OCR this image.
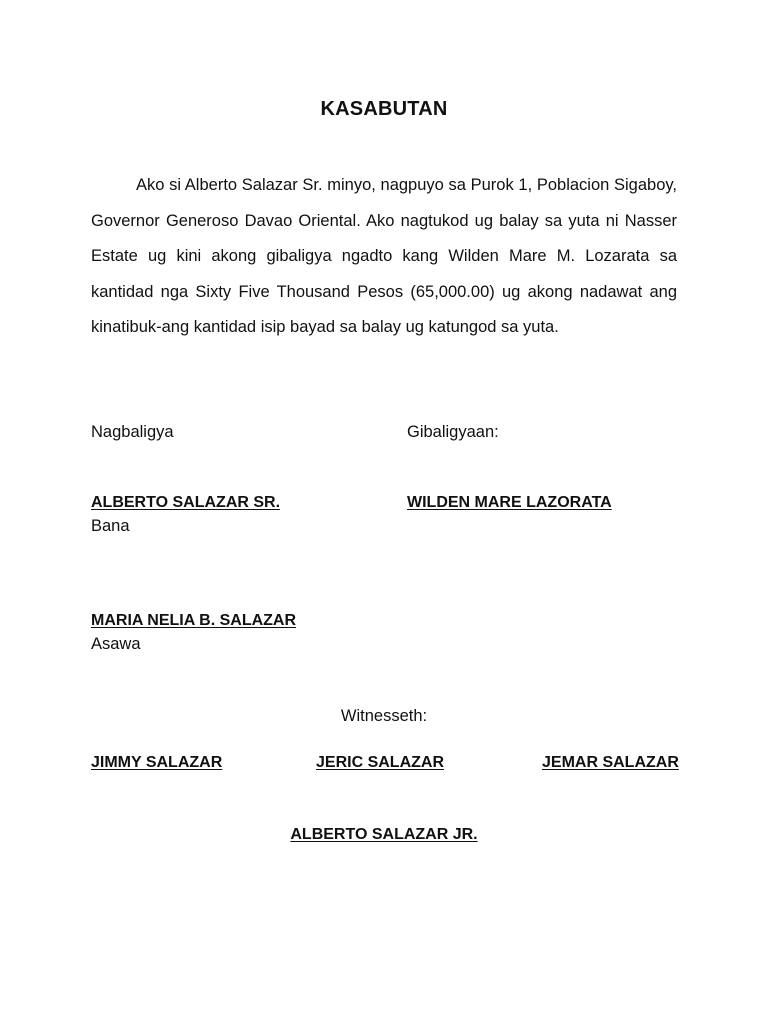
KASABUTAN

Ako si Alberto Salazar Sr. minyo, nagpuyo sa Purok 1, Poblacion Sigaboy, Governor Generoso Davao Oriental. Ako nagtukod ug balay sa yuta ni Nasser Estate ug kini akong gibaligya ngadto kang Wilden Mare M. Lozarata sa kantidad nga Sixty Five Thousand Pesos (65,000.00) ug akong nadawat ang kinatibuk-ang kantidad isip bayad sa balay ug katungod sa yuta.

Nagbaligya	Gibaligyaan:
ALBERTO SALAZAR SR.	WILDEN MARE LAZORATA
Bana
MARIA NELIA B. SALAZAR
Asawa
Witnesseth:
JIMMY SALAZAR	JERIC SALAZAR	JEMAR SALAZAR
ALBERTO SALAZAR JR.
